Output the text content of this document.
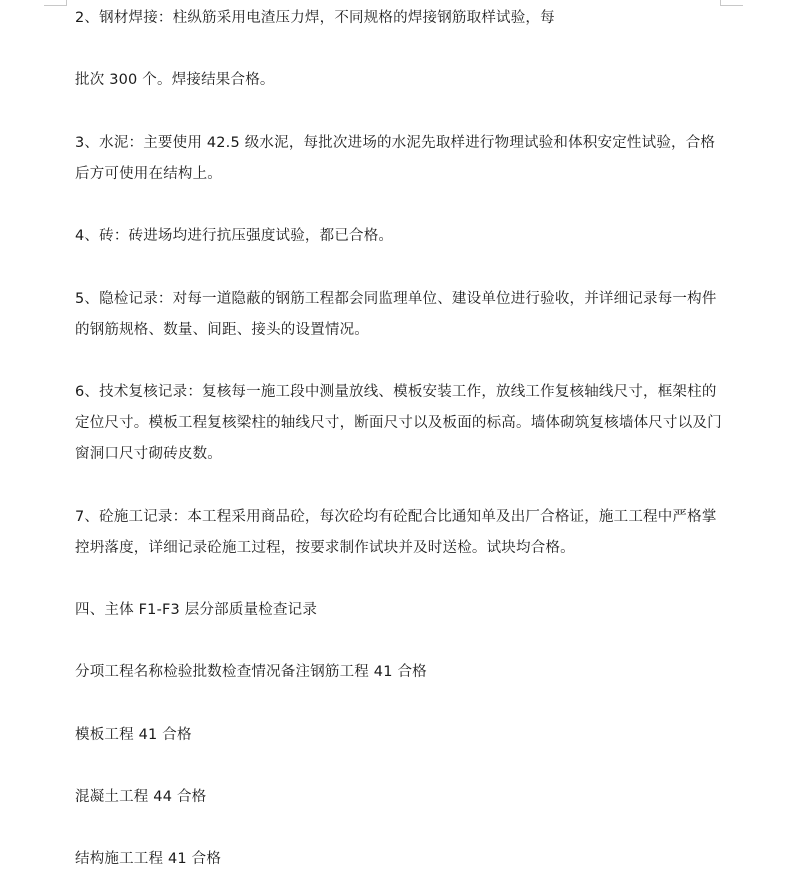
2、钢材焊接：柱纵筋采用电渣压力焊，不同规格的焊接钢筋取样试验，每

批次 300 个。焊接结果合格。

3、水泥：主要使用 42.5 级水泥，每批次进场的水泥先取样进行物理试验和体积安定性试验，合格后方可使用在结构上。

4、砖：砖进场均进行抗压强度试验，都已合格。

5、隐检记录：对每一道隐蔽的钢筋工程都会同监理单位、建设单位进行验收，并详细记录每一构件的钢筋规格、数量、间距、接头的设置情况。

6、技术复核记录：复核每一施工段中测量放线、模板安装工作，放线工作复核轴线尺寸，框架柱的定位尺寸。模板工程复核梁柱的轴线尺寸，断面尺寸以及板面的标高。墙体砌筑复核墙体尺寸以及门窗洞口尺寸砌砖皮数。

7、砼施工记录：本工程采用商品砼，每次砼均有砼配合比通知单及出厂合格证，施工工程中严格掌控坍落度，详细记录砼施工过程，按要求制作试块并及时送检。试块均合格。

四、主体 F1-F3 层分部质量检查记录

分项工程名称检验批数检查情况备注钢筋工程 41 合格

模板工程 41 合格

混凝土工程 44 合格

结构施工工程 41 合格
